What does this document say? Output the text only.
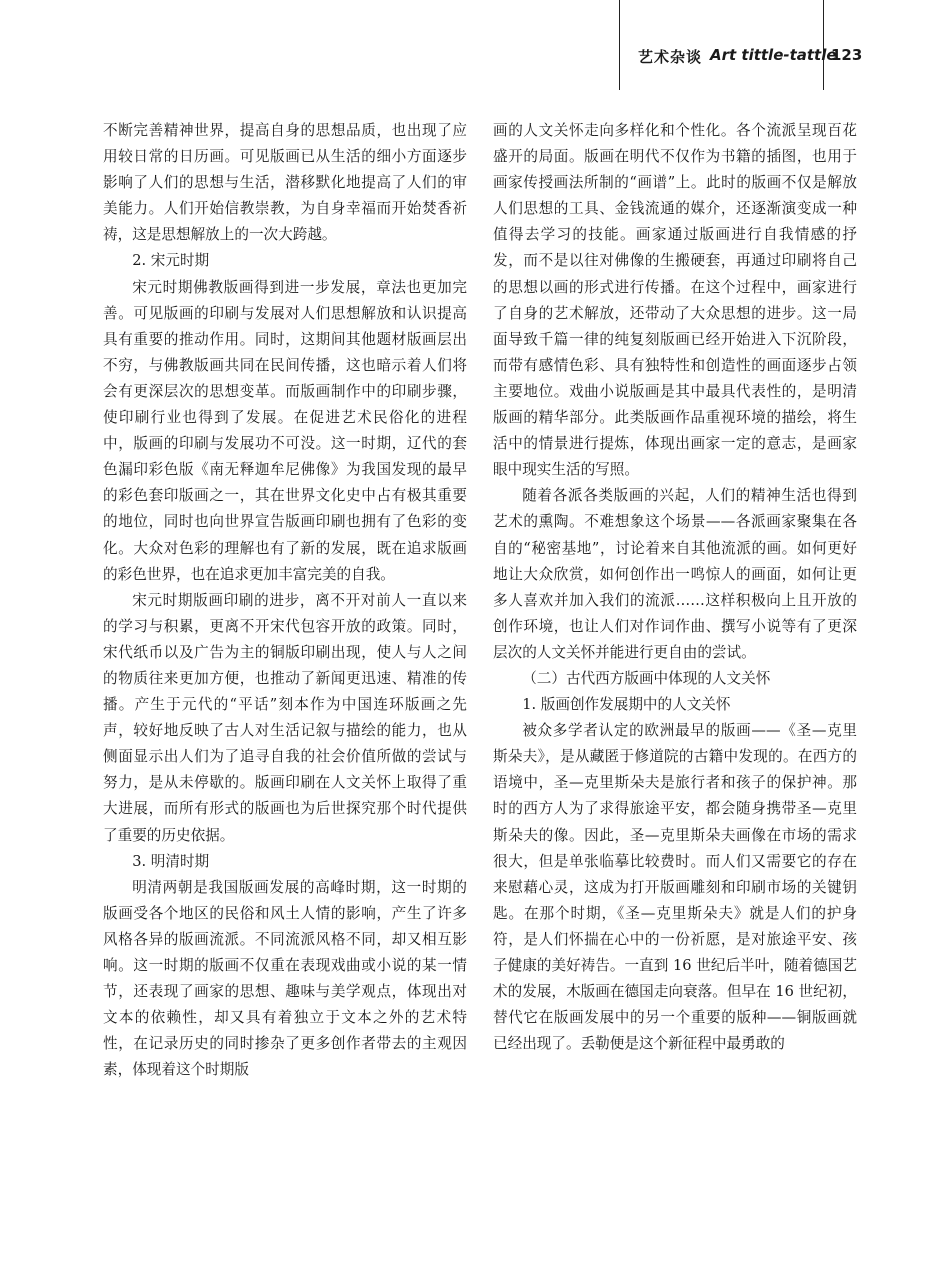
艺术杂谈 Art tittle-tattle
123

不断完善精神世界，提高自身的思想品质，也出现了应用较日常的日历画。可见版画已从生活的细小方面逐步影响了人们的思想与生活，潜移默化地提高了人们的审美能力。人们开始信教崇教，为自身幸福而开始焚香祈祷，这是思想解放上的一次大跨越。

2. 宋元时期

宋元时期佛教版画得到进一步发展，章法也更加完善。可见版画的印刷与发展对人们思想解放和认识提高具有重要的推动作用。同时，这期间其他题材版画层出不穷，与佛教版画共同在民间传播，这也暗示着人们将会有更深层次的思想变革。而版画制作中的印刷步骤，使印刷行业也得到了发展。在促进艺术民俗化的进程中，版画的印刷与发展功不可没。这一时期，辽代的套色漏印彩色版《南无释迦牟尼佛像》为我国发现的最早的彩色套印版画之一，其在世界文化史中占有极其重要的地位，同时也向世界宣告版画印刷也拥有了色彩的变化。大众对色彩的理解也有了新的发展，既在追求版画的彩色世界，也在追求更加丰富完美的自我。

宋元时期版画印刷的进步，离不开对前人一直以来的学习与积累，更离不开宋代包容开放的政策。同时，宋代纸币以及广告为主的铜版印刷出现，使人与人之间的物质往来更加方便，也推动了新闻更迅速、精准的传播。产生于元代的“平话”刻本作为中国连环版画之先声，较好地反映了古人对生活记叙与描绘的能力，也从侧面显示出人们为了追寻自我的社会价值所做的尝试与努力，是从未停歇的。版画印刷在人文关怀上取得了重大进展，而所有形式的版画也为后世探究那个时代提供了重要的历史依据。

3. 明清时期

明清两朝是我国版画发展的高峰时期，这一时期的版画受各个地区的民俗和风土人情的影响，产生了许多风格各异的版画流派。不同流派风格不同，却又相互影响。这一时期的版画不仅重在表现戏曲或小说的某一情节，还表现了画家的思想、趣味与美学观点，体现出对文本的依赖性，却又具有着独立于文本之外的艺术特性，在记录历史的同时掺杂了更多创作者带去的主观因素，体现着这个时期版

画的人文关怀走向多样化和个性化。各个流派呈现百花盛开的局面。版画在明代不仅作为书籍的插图，也用于画家传授画法所制的“画谱”上。此时的版画不仅是解放人们思想的工具、金钱流通的媒介，还逐渐演变成一种值得去学习的技能。画家通过版画进行自我情感的抒发，而不是以往对佛像的生搬硬套，再通过印刷将自己的思想以画的形式进行传播。在这个过程中，画家进行了自身的艺术解放，还带动了大众思想的进步。这一局面导致千篇一律的纯复刻版画已经开始进入下沉阶段，而带有感情色彩、具有独特性和创造性的画面逐步占领主要地位。戏曲小说版画是其中最具代表性的，是明清版画的精华部分。此类版画作品重视环境的描绘，将生活中的情景进行提炼，体现出画家一定的意志，是画家眼中现实生活的写照。

随着各派各类版画的兴起，人们的精神生活也得到艺术的熏陶。不难想象这个场景——各派画家聚集在各自的“秘密基地”，讨论着来自其他流派的画。如何更好地让大众欣赏，如何创作出一鸣惊人的画面，如何让更多人喜欢并加入我们的流派……这样积极向上且开放的创作环境，也让人们对作词作曲、撰写小说等有了更深层次的人文关怀并能进行更自由的尝试。

（二）古代西方版画中体现的人文关怀
1. 版画创作发展期中的人文关怀

被众多学者认定的欧洲最早的版画——《圣—克里斯朵夫》，是从藏匿于修道院的古籍中发现的。在西方的语境中，圣—克里斯朵夫是旅行者和孩子的保护神。那时的西方人为了求得旅途平安，都会随身携带圣—克里斯朵夫的像。因此，圣—克里斯朵夫画像在市场的需求很大，但是单张临摹比较费时。而人们又需要它的存在来慰藉心灵，这成为打开版画雕刻和印刷市场的关键钥匙。在那个时期，《圣—克里斯朵夫》就是人们的护身符，是人们怀揣在心中的一份祈愿，是对旅途平安、孩子健康的美好祷告。一直到 16 世纪后半叶，随着德国艺术的发展，木版画在德国走向衰落。但早在 16 世纪初，替代它在版画发展中的另一个重要的版种——铜版画就已经出现了。丢勒便是这个新征程中最勇敢的
